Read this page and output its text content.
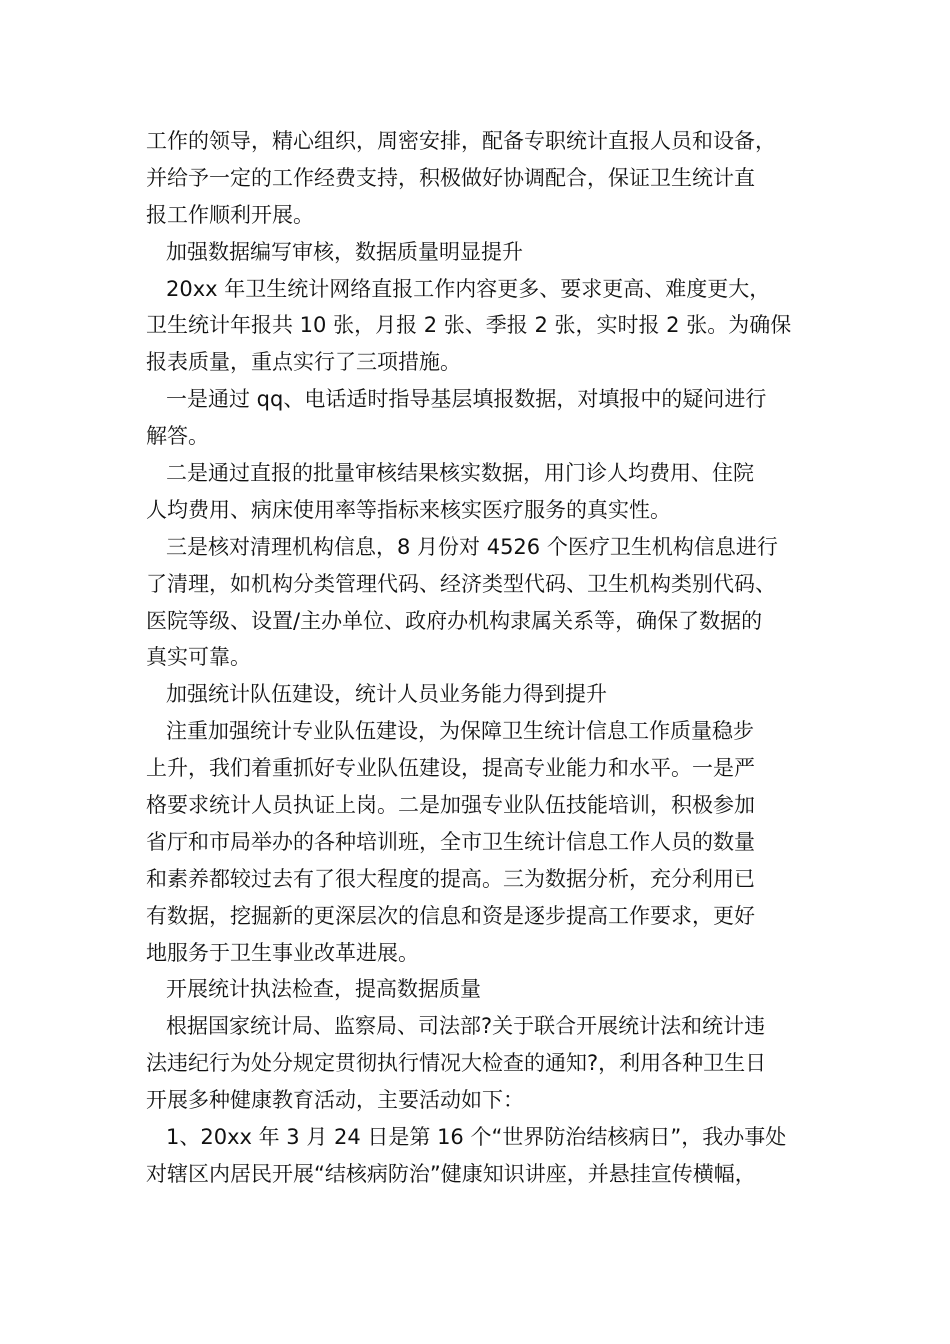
工作的领导，精心组织，周密安排，配备专职统计直报人员和设备，
并给予一定的工作经费支持，积极做好协调配合，保证卫生统计直
报工作顺利开展。
加强数据编写审核，数据质量明显提升
20xx 年卫生统计网络直报工作内容更多、要求更高、难度更大，
卫生统计年报共 10 张，月报 2 张、季报 2 张，实时报 2 张。为确保
报表质量，重点实行了三项措施。
一是通过 qq、电话适时指导基层填报数据，对填报中的疑问进行
解答。
二是通过直报的批量审核结果核实数据，用门诊人均费用、住院
人均费用、病床使用率等指标来核实医疗服务的真实性。
三是核对清理机构信息，8 月份对 4526 个医疗卫生机构信息进行
了清理，如机构分类管理代码、经济类型代码、卫生机构类别代码、
医院等级、设置/主办单位、政府办机构隶属关系等，确保了数据的
真实可靠。
加强统计队伍建设，统计人员业务能力得到提升
注重加强统计专业队伍建设，为保障卫生统计信息工作质量稳步
上升，我们着重抓好专业队伍建设，提高专业能力和水平。一是严
格要求统计人员执证上岗。二是加强专业队伍技能培训，积极参加
省厅和市局举办的各种培训班，全市卫生统计信息工作人员的数量
和素养都较过去有了很大程度的提高。三为数据分析，充分利用已
有数据，挖掘新的更深层次的信息和资是逐步提高工作要求，更好
地服务于卫生事业改革进展。
开展统计执法检查，提高数据质量
根据国家统计局、监察局、司法部?关于联合开展统计法和统计违
法违纪行为处分规定贯彻执行情况大检查的通知?，利用各种卫生日
开展多种健康教育活动，主要活动如下：
1、20xx 年 3 月 24 日是第 16 个“世界防治结核病日”，我办事处
对辖区内居民开展“结核病防治”健康知识讲座，并悬挂宣传横幅，
